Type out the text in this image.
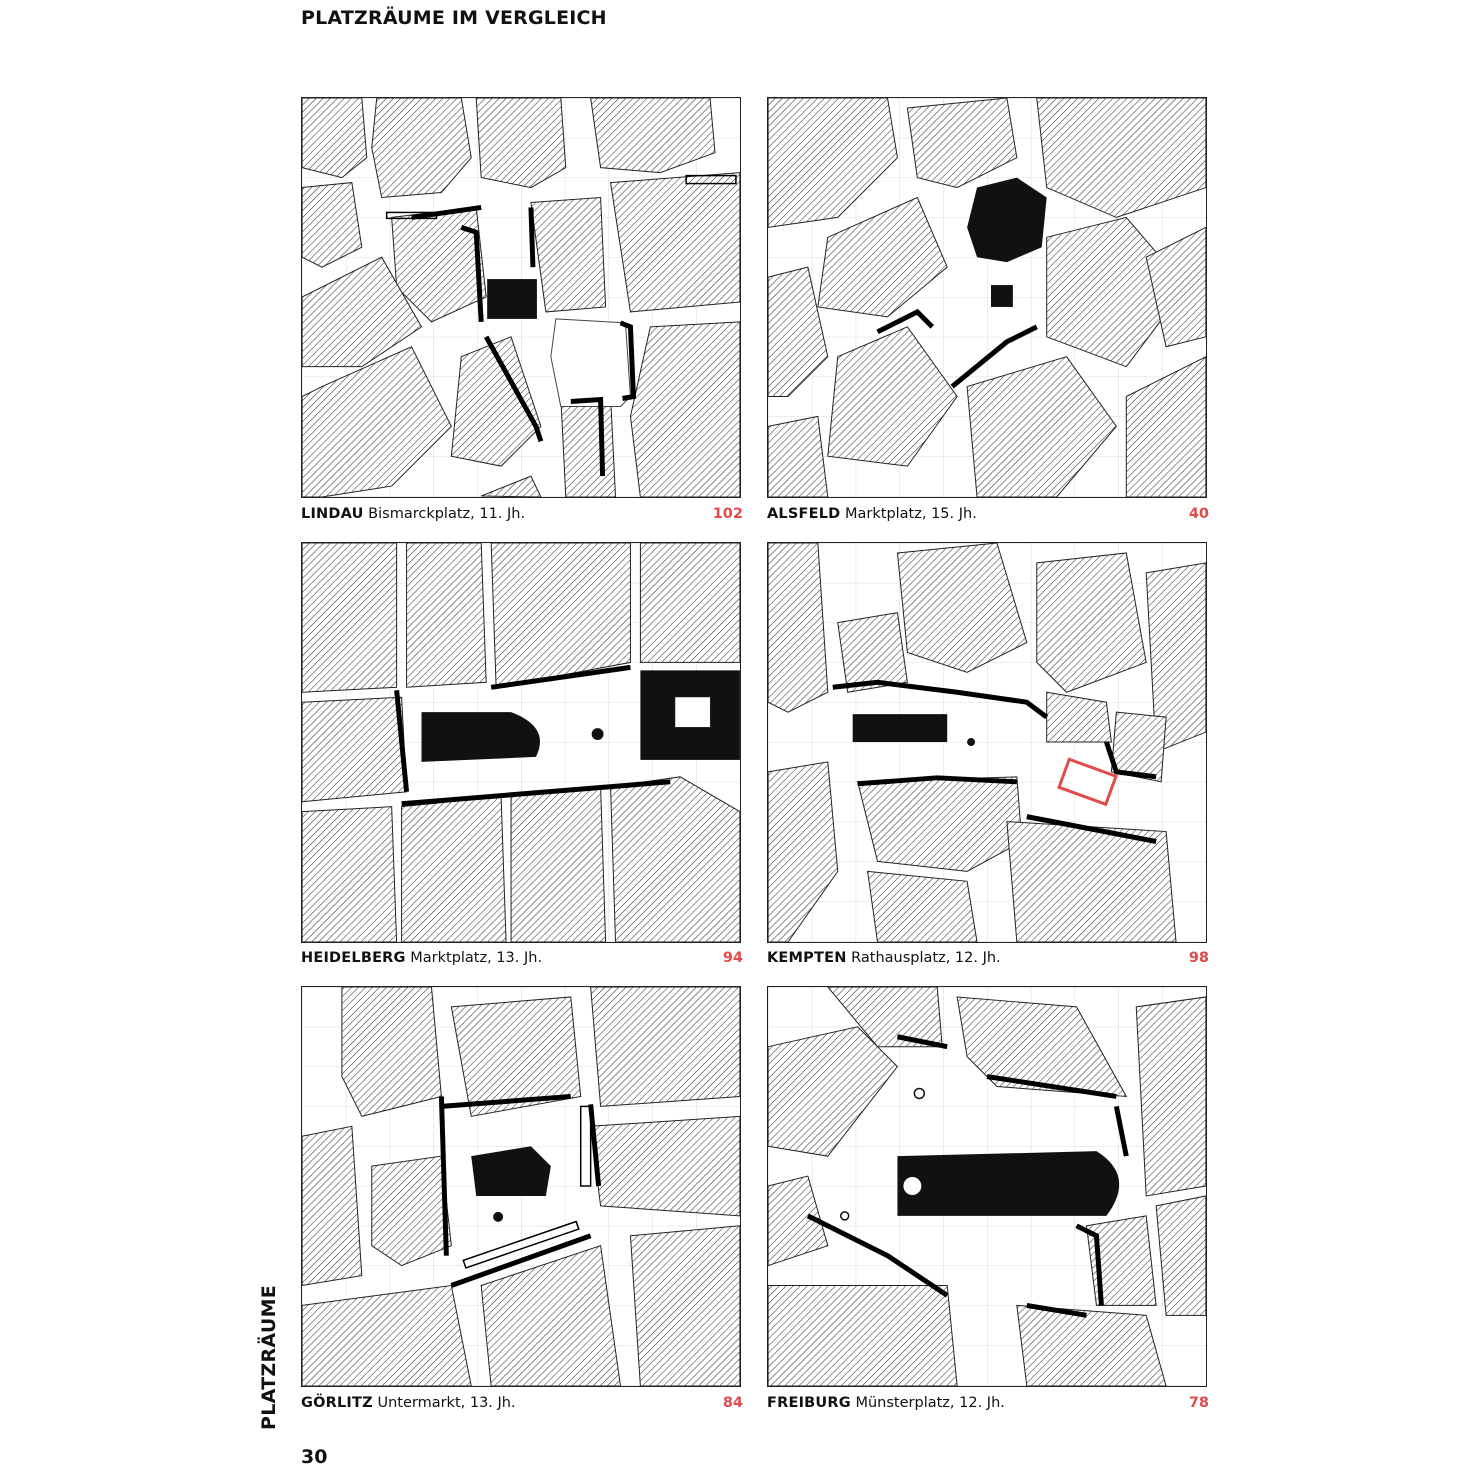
PLATZRÄUME IM VERGLEICH
LINDAU Bismarckplatz, 11. Jh.	102 ALSFELD Marktplatz, 15. Jh.	40
HEIDELBERG Marktplatz, 13. Jh.	94 KEMPTEN Rathausplatz, 12. Jh.	98
GÖRLITZ Untermarkt, 13. Jh.	84 FREIBURG Münsterplatz, 12. Jh.	78
PLATZRÄUME
30
